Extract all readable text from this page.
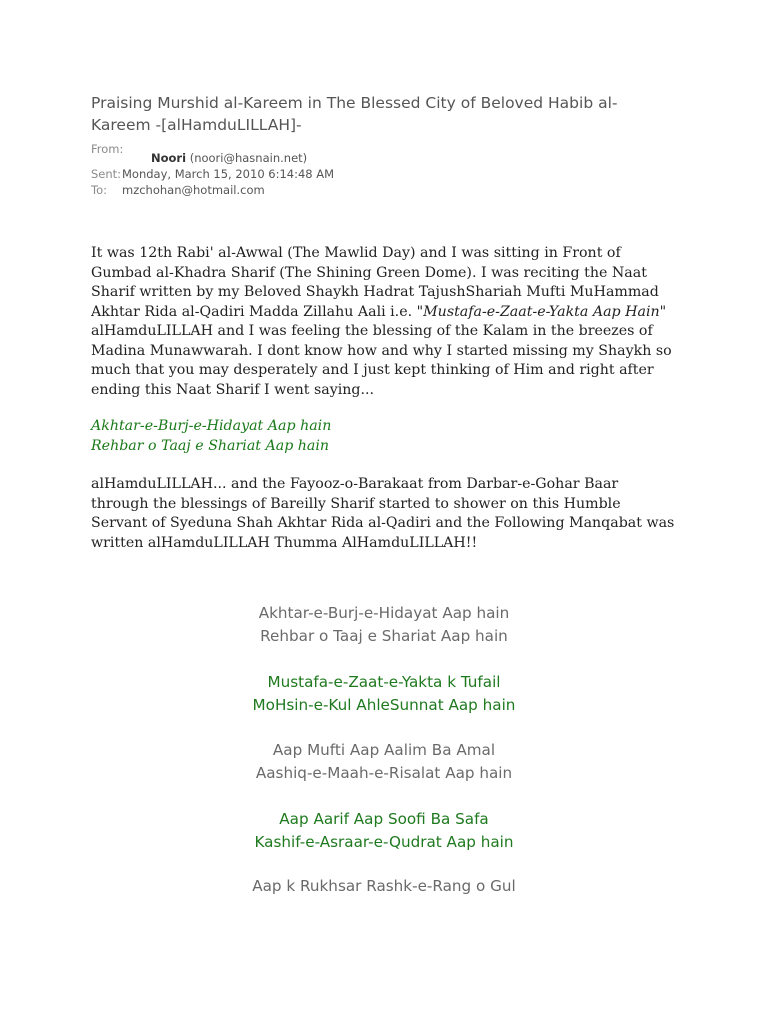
Praising Murshid al-Kareem in The Blessed City of Beloved Habib al-Kareem -[alHamduLILLAH]-
From:
Noori (noori@hasnain.net)
Sent: Monday, March 15, 2010 6:14:48 AM
To: mzchohan@hotmail.com

It was 12th Rabi' al-Awwal (The Mawlid Day) and I was sitting in Front of Gumbad al-Khadra Sharif (The Shining Green Dome). I was reciting the Naat Sharif written by my Beloved Shaykh Hadrat TajushShariah Mufti MuHammad Akhtar Rida al-Qadiri Madda Zillahu Aali i.e. "Mustafa-e-Zaat-e-Yakta Aap Hain" alHamduLILLAH and I was feeling the blessing of the Kalam in the breezes of Madina Munawwarah. I dont know how and why I started missing my Shaykh so much that you may desperately and I just kept thinking of Him and right after ending this Naat Sharif I went saying...

Akhtar-e-Burj-e-Hidayat Aap hain
Rehbar o Taaj e Shariat Aap hain

alHamduLILLAH... and the Fayooz-o-Barakaat from Darbar-e-Gohar Baar through the blessings of Bareilly Sharif started to shower on this Humble Servant of Syeduna Shah Akhtar Rida al-Qadiri and the Following Manqabat was written alHamduLILLAH Thumma AlHamduLILLAH!!

Akhtar-e-Burj-e-Hidayat Aap hain
Rehbar o Taaj e Shariat Aap hain

Mustafa-e-Zaat-e-Yakta k Tufail
MoHsin-e-Kul AhleSunnat Aap hain

Aap Mufti Aap Aalim Ba Amal
Aashiq-e-Maah-e-Risalat Aap hain

Aap Aarif Aap Soofi Ba Safa
Kashif-e-Asraar-e-Qudrat Aap hain

Aap k Rukhsar Rashk-e-Rang o Gul
